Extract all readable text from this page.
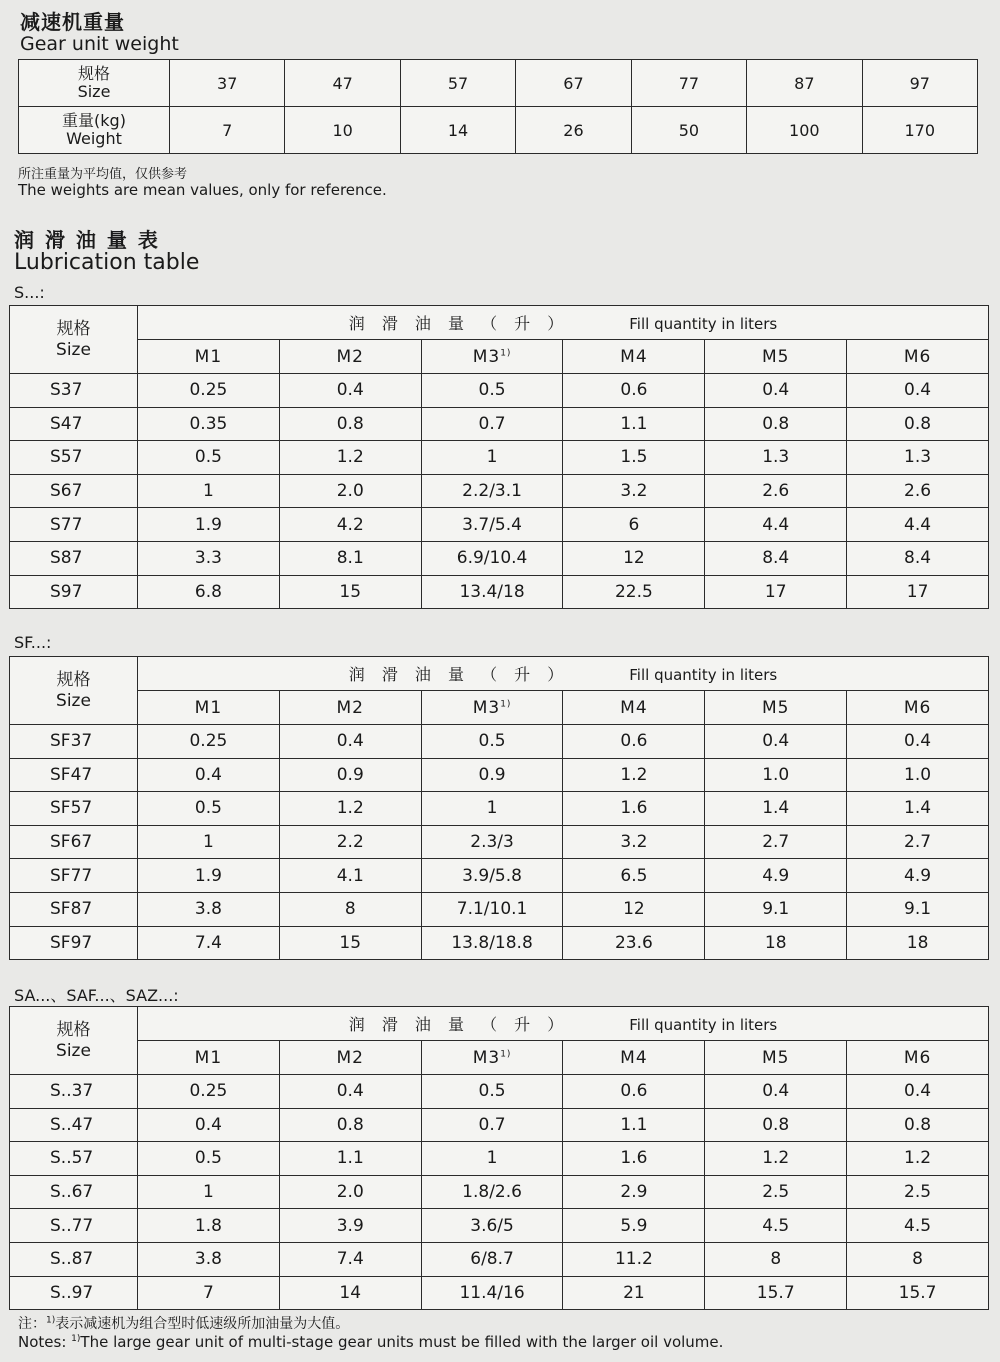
减速机重量
Gear unit weight
规格
Size	37	47	57	67	77	87	97

重量(kg)
Weight	7	10	14	26	50	100	170
所注重量为平均值，仅供参考
The weights are mean values, only for reference.
润 滑 油 量 表
Lubrication table
S...:
规格
Size	润 滑 油 量 （ 升 ） Fill quantity in liters					
	M1	M2	M3$^{1)}$	M4	M5	M6
S37	0.25	0.4	0.5	0.6	0.4	0.4
S47	0.35	0.8	0.7	1.1	0.8	0.8
S57	0.5	1.2	1	1.5	1.3	1.3
S67	1	2.0	2.2/3.1	3.2	2.6	2.6
S77	1.9	4.2	3.7/5.4	6	4.4	4.4
S87	3.3	8.1	6.9/10.4	12	8.4	8.4
S97	6.8	15	13.4/18	22.5	17	17
SF...:
规格
Size	润 滑 油 量 （ 升 ） Fill quantity in liters					
	M1	M2	M3$^{1)}$	M4	M5	M6
SF37	0.25	0.4	0.5	0.6	0.4	0.4
SF47	0.4	0.9	0.9	1.2	1.0	1.0
SF57	0.5	1.2	1	1.6	1.4	1.4
SF67	1	2.2	2.3/3	3.2	2.7	2.7
SF77	1.9	4.1	3.9/5.8	6.5	4.9	4.9
SF87	3.8	8	7.1/10.1	12	9.1	9.1
SF97	7.4	15	13.8/18.8	23.6	18	18
SA...、SAF...、SAZ...:
规格
Size	润 滑 油 量 （ 升 ） Fill quantity in liters					
	M1	M2	M3$^{1)}$	M4	M5	M6
S..37	0.25	0.4	0.5	0.6	0.4	0.4
S..47	0.4	0.8	0.7	1.1	0.8	0.8
S..57	0.5	1.1	1	1.6	1.2	1.2
S..67	1	2.0	1.8/2.6	2.9	2.5	2.5
S..77	1.8	3.9	3.6/5	5.9	4.5	4.5
S..87	3.8	7.4	6/8.7	11.2	8	8
S..97	7	14	11.4/16	21	15.7	15.7
注：$^{1)}$表示减速机为组合型时低速级所加油量为大值。
Notes: $^{1)}$The large gear unit of multi-stage gear units must be filled with the larger oil volume.
